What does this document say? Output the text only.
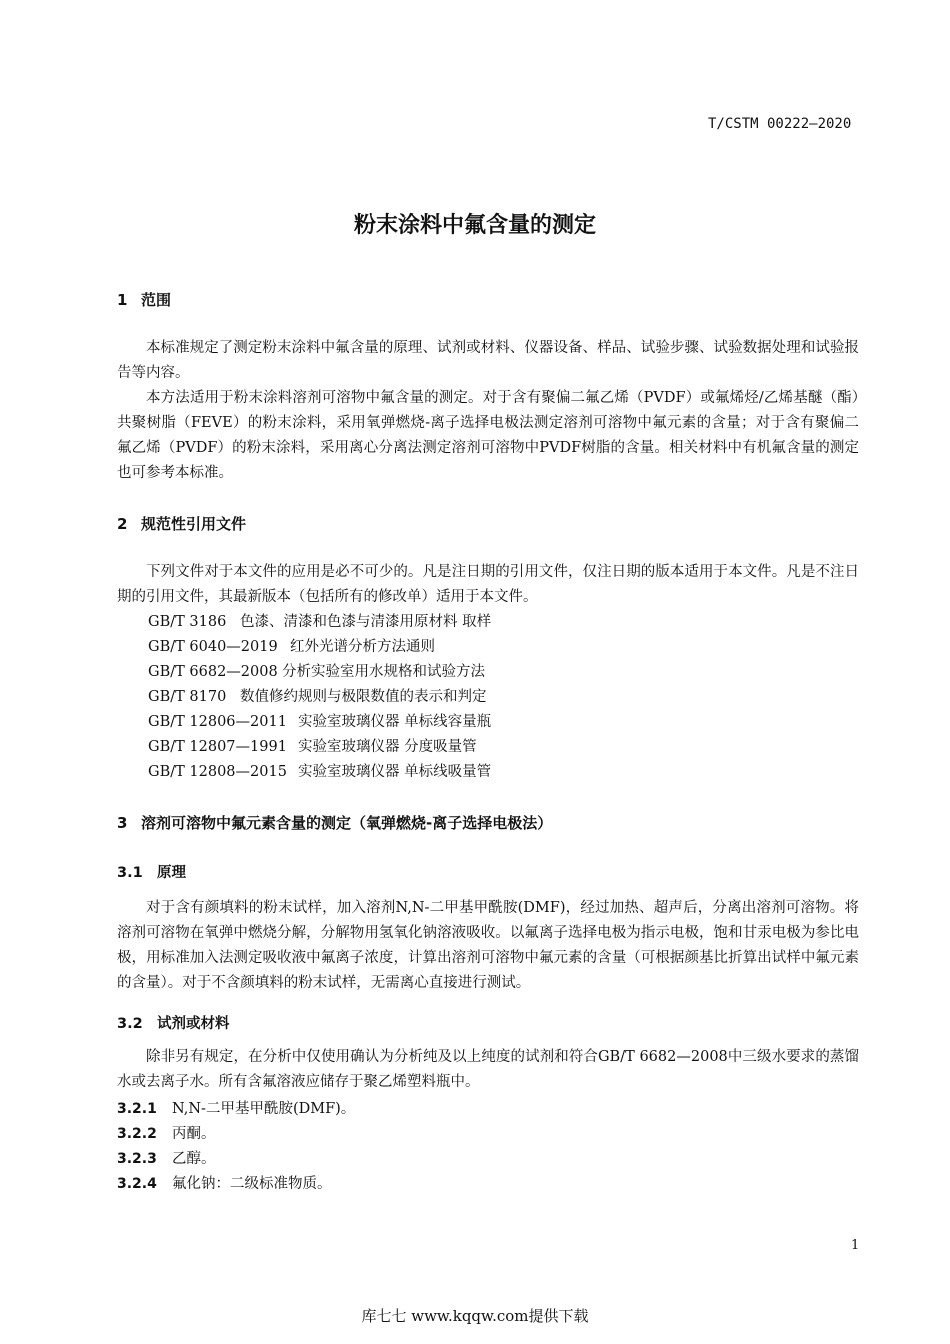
T/CSTM 00222—2020
粉末涂料中氟含量的测定
1 范围
本标准规定了测定粉末涂料中氟含量的原理、试剂或材料、仪器设备、样品、试验步骤、试验数据处理和试验报告等内容。
本方法适用于粉末涂料溶剂可溶物中氟含量的测定。对于含有聚偏二氟乙烯（PVDF）或氟烯烃/乙烯基醚（酯）共聚树脂（FEVE）的粉末涂料，采用氧弹燃烧-离子选择电极法测定溶剂可溶物中氟元素的含量；对于含有聚偏二氟乙烯（PVDF）的粉末涂料，采用离心分离法测定溶剂可溶物中PVDF树脂的含量。相关材料中有机氟含量的测定也可参考本标准。
2 规范性引用文件
下列文件对于本文件的应用是必不可少的。凡是注日期的引用文件，仅注日期的版本适用于本文件。凡是不注日期的引用文件，其最新版本（包括所有的修改单）适用于本文件。
GB/T 3186 色漆、清漆和色漆与清漆用原材料 取样
GB/T 6040—2019 红外光谱分析方法通则
GB/T 6682—2008 分析实验室用水规格和试验方法
GB/T 8170 数值修约规则与极限数值的表示和判定
GB/T 12806—2011 实验室玻璃仪器 单标线容量瓶
GB/T 12807—1991 实验室玻璃仪器 分度吸量管
GB/T 12808—2015 实验室玻璃仪器 单标线吸量管
3 溶剂可溶物中氟元素含量的测定（氧弹燃烧-离子选择电极法）
3.1 原理
对于含有颜填料的粉末试样，加入溶剂N,N-二甲基甲酰胺(DMF)，经过加热、超声后，分离出溶剂可溶物。将溶剂可溶物在氧弹中燃烧分解，分解物用氢氧化钠溶液吸收。以氟离子选择电极为指示电极，饱和甘汞电极为参比电极，用标准加入法测定吸收液中氟离子浓度，计算出溶剂可溶物中氟元素的含量（可根据颜基比折算出试样中氟元素的含量）。对于不含颜填料的粉末试样，无需离心直接进行测试。
3.2 试剂或材料
除非另有规定，在分析中仅使用确认为分析纯及以上纯度的试剂和符合GB/T 6682—2008中三级水要求的蒸馏水或去离子水。所有含氟溶液应储存于聚乙烯塑料瓶中。
3.2.1 N,N-二甲基甲酰胺(DMF)。
3.2.2 丙酮。
3.2.3 乙醇。
3.2.4 氟化钠：二级标准物质。
1
库七七 www.kqqw.com提供下载
